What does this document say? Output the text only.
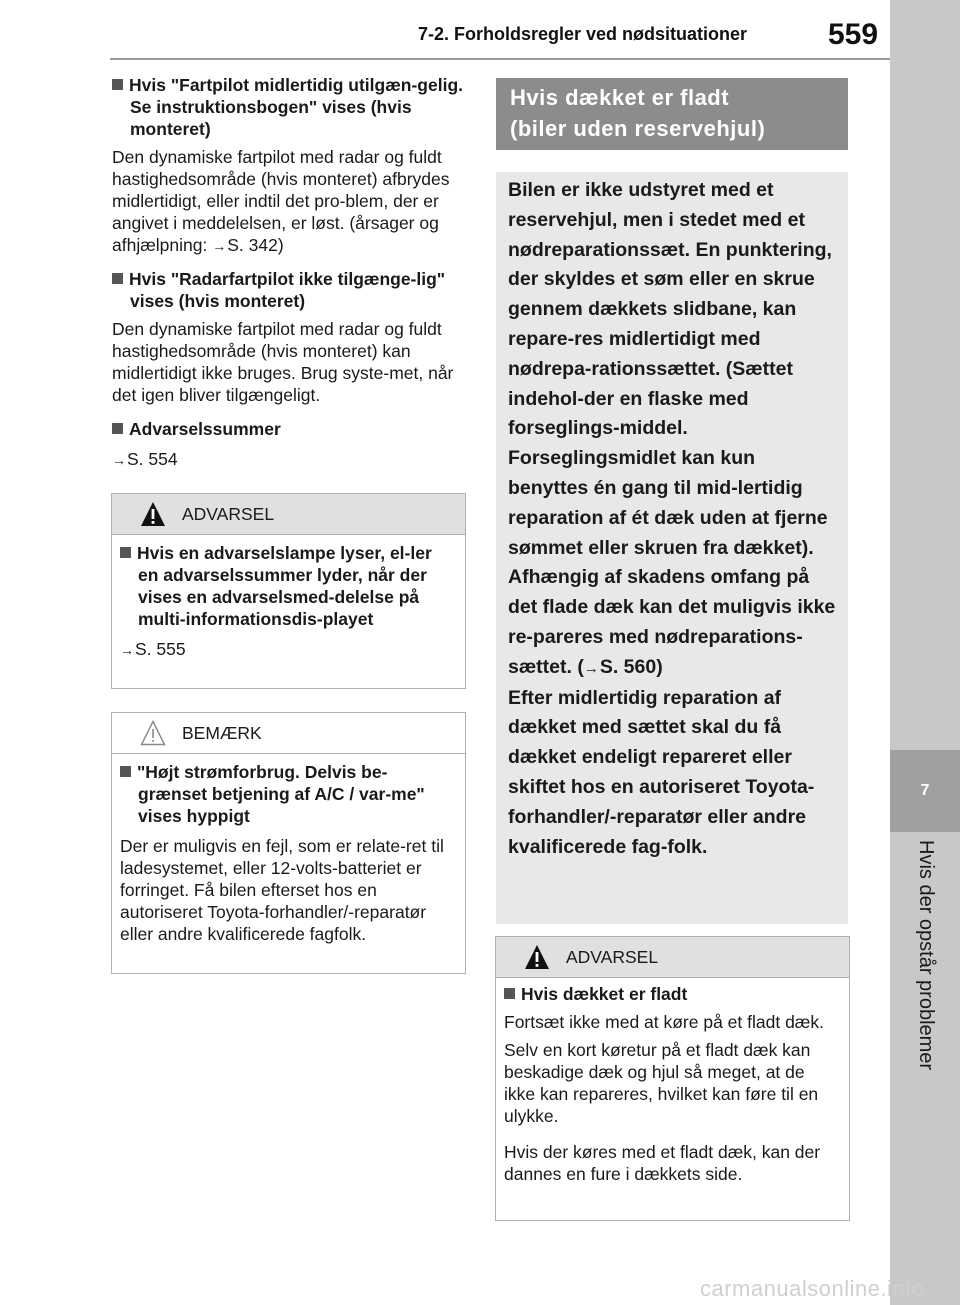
7-2. Forholdsregler ved nødsituationer	559
7
Hvis der opstår problemer
Hvis "Fartpilot midlertidig utilgæn-gelig. Se instruktionsbogen" vises (hvis monteret)
Den dynamiske fartpilot med radar og fuldt hastighedsområde (hvis monteret) afbrydes midlertidigt, eller indtil det pro-blem, der er angivet i meddelelsen, er løst. (årsager og afhjælpning: →S. 342)
Hvis "Radarfartpilot ikke tilgænge-lig" vises (hvis monteret)
Den dynamiske fartpilot med radar og fuldt hastighedsområde (hvis monteret) kan midlertidigt ikke bruges. Brug syste-met, når det igen bliver tilgængeligt.
Advarselssummer
→S. 554
ADVARSEL
Hvis en advarselslampe lyser, el-ler en advarselssummer lyder, når der vises en advarselsmed-delelse på multi-informationsdis-playet
→S. 555
BEMÆRK
"Højt strømforbrug. Delvis be-grænset betjening af A/C / var-me" vises hyppigt
Der er muligvis en fejl, som er relate-ret til ladesystemet, eller 12-volts-batteriet er forringet. Få bilen efterset hos en autoriseret Toyota-forhandler/-reparatør eller andre kvalificerede fagfolk.
Hvis dækket er fladt
(biler uden reservehjul)
Bilen er ikke udstyret med et reservehjul, men i stedet med et nødreparationssæt. En punktering, der skyldes et søm eller en skrue gennem dækkets slidbane, kan repare-res midlertidigt med nødrepa-rationssættet. (Sættet indehol-der en flaske med forseglings-middel. Forseglingsmidlet kan kun benyttes én gang til mid-lertidig reparation af ét dæk uden at fjerne sømmet eller skruen fra dækket). Afhængig af skadens omfang på det flade dæk kan det muligvis ikke re-pareres med nødreparations-sættet. (→S. 560)
Efter midlertidig reparation af dækket med sættet skal du få dækket endeligt repareret eller skiftet hos en autoriseret Toyota-forhandler/-reparatør eller andre kvalificerede fag-folk.
ADVARSEL
Hvis dækket er fladt
Fortsæt ikke med at køre på et fladt dæk.
Selv en kort køretur på et fladt dæk kan beskadige dæk og hjul så meget, at de ikke kan repareres, hvilket kan føre til en ulykke.
Hvis der køres med et fladt dæk, kan der dannes en fure i dækkets side.
carmanualsonline.info
